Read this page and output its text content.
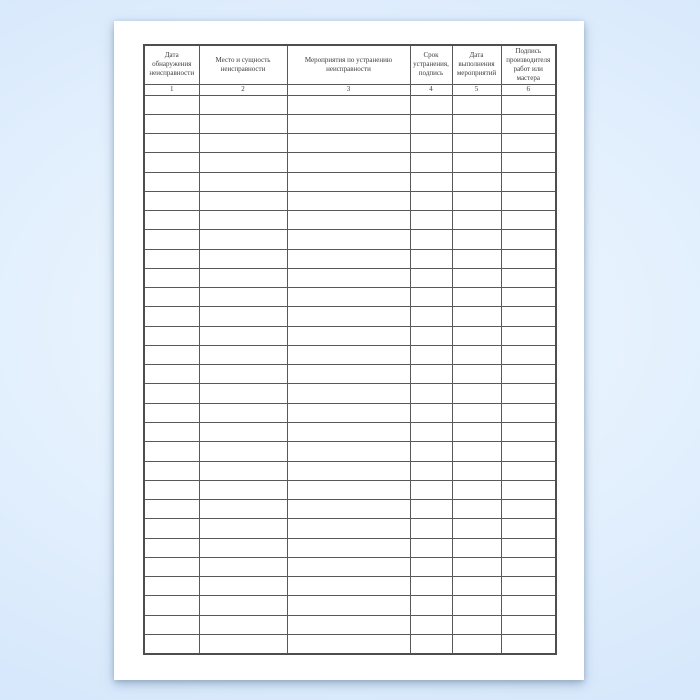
Дата обнаружения неисправности	Место и сущность неисправности	Мероприятия по устранению неисправности	Срок устранения, подпись	Дата выполнения мероприятий	Подпись производителя работ или мастера
1	2	3	4	5	6
